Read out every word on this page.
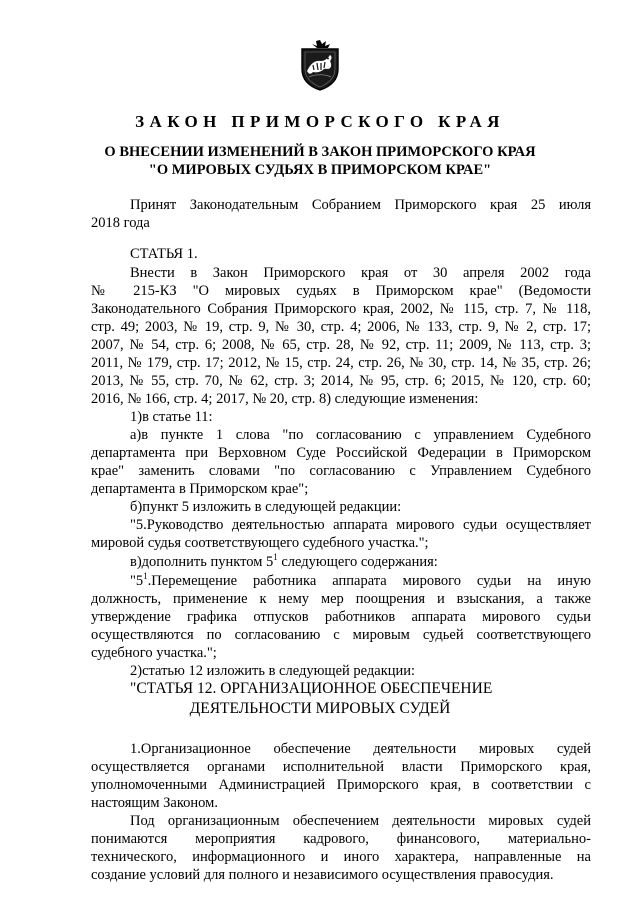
ЗАКОН ПРИМОРСКОГО КРАЯ

О ВНЕСЕНИИ ИЗМЕНЕНИЙ В ЗАКОН ПРИМОРСКОГО КРАЯ

"О МИРОВЫХ СУДЬЯХ В ПРИМОРСКОМ КРАЕ"

Принят Законодательным Собранием Приморского края 25 июля

2018 года

СТАТЬЯ 1.

Внести в Закон Приморского края от 30 апреля 2002 года

№ 215-КЗ "О мировых судьях в Приморском крае" (Ведомости

Законодательного Собрания Приморского края, 2002, № 115, стр. 7, № 118,

стр. 49; 2003, № 19, стр. 9, № 30, стр. 4; 2006, № 133, стр. 9, № 2, стр. 17;

2007, № 54, стр. 6; 2008, № 65, стр. 28, № 92, стр. 11; 2009, № 113, стр. 3;

2011, № 179, стр. 17; 2012, № 15, стр. 24, стр. 26, № 30, стр. 14, № 35, стр. 26;

2013, № 55, стр. 70, № 62, стр. 3; 2014, № 95, стр. 6; 2015, № 120, стр. 60;

2016, № 166, стр. 4; 2017, № 20, стр. 8) следующие изменения:

1)в статье 11:

а)в пункте 1 слова "по согласованию с управлением Судебного

департамента при Верховном Суде Российской Федерации в Приморском

крае" заменить словами "по согласованию с Управлением Судебного

департамента в Приморском крае";

б)пункт 5 изложить в следующей редакции:

"5.Руководство деятельностью аппарата мирового судьи осуществляет

мировой судья соответствующего судебного участка.";

в)дополнить пунктом $5^1$ следующего содержания:

"$5^1.Перемещение$ работника аппарата мирового судьи на иную

должность, применение к нему мер поощрения и взыскания, а также

утверждение графика отпусков работников аппарата мирового судьи

осуществляются по согласованию с мировым судьей соответствующего

судебного участка.";

2)статью 12 изложить в следующей редакции:

"СТАТЬЯ 12. ОРГАНИЗАЦИОННОЕ ОБЕСПЕЧЕНИЕ

ДЕЯТЕЛЬНОСТИ МИРОВЫХ СУДЕЙ

1.Организационное обеспечение деятельности мировых судей

осуществляется органами исполнительной власти Приморского края,

уполномоченными Администрацией Приморского края, в соответствии с

настоящим Законом.

Под организационным обеспечением деятельности мировых судей

понимаются мероприятия кадрового, финансового, материально-

технического, информационного и иного характера, направленные на

создание условий для полного и независимого осуществления правосудия.
